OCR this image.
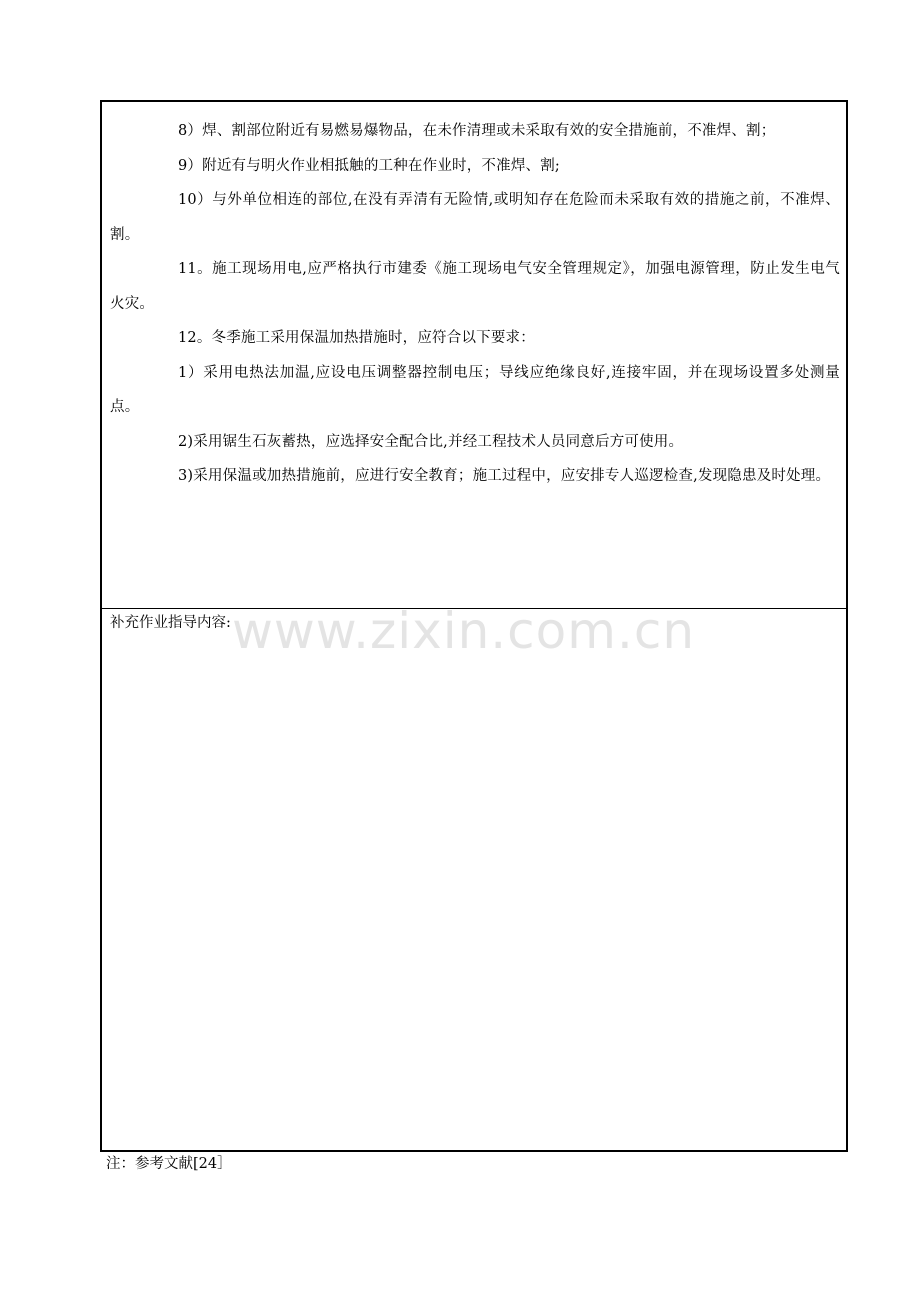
8）焊、割部位附近有易燃易爆物品，在未作清理或未采取有效的安全措施前，不准焊、割；

9）附近有与明火作业相抵触的工种在作业时，不准焊、割;

10）与外单位相连的部位,在没有弄清有无险情,或明知存在危险而未采取有效的措施之前，不准焊、割。

11。施工现场用电,应严格执行市建委《施工现场电气安全管理规定》，加强电源管理，防止发生电气火灾。

12。冬季施工采用保温加热措施时，应符合以下要求：

1）采用电热法加温,应设电压调整器控制电压；导线应绝缘良好,连接牢固，并在现场设置多处测量点。

2)采用锯生石灰蓄热，应选择安全配合比,并经工程技术人员同意后方可使用。

3)采用保温或加热措施前，应进行安全教育；施工过程中，应安排专人巡逻检查,发现隐患及时处理。

补充作业指导内容: www.zixin.com.cn
注：参考文献[24］
